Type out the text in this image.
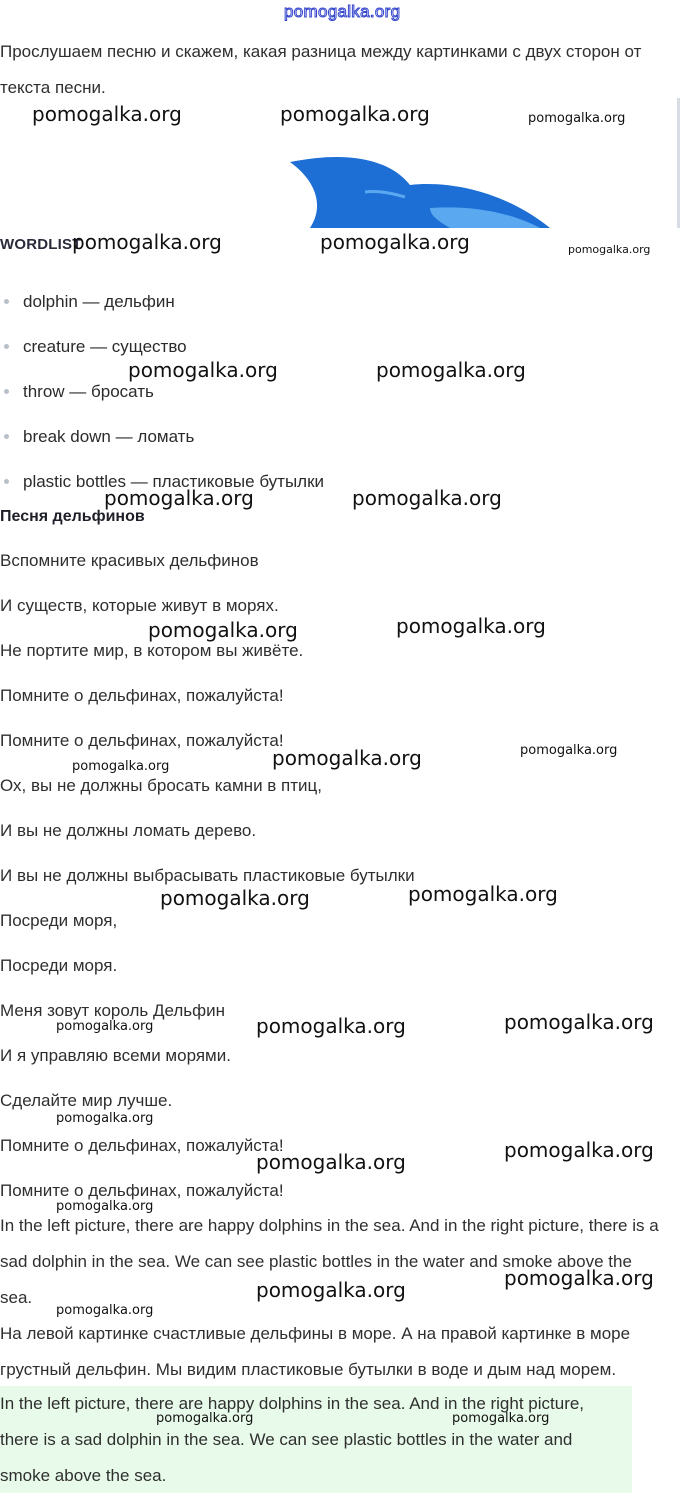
pomogalka.org
Прослушаем песню и скажем, какая разница между картинками с двух сторон от текста песни.
WORDLIST
dolphin — дельфин
creature — существо
throw — бросать
break down — ломать
plastic bottles — пластиковые бутылки
Песня дельфинов
Вспомните красивых дельфинов
И существ, которые живут в морях.
Не портите мир, в котором вы живёте.
Помните о дельфинах, пожалуйста!
Помните о дельфинах, пожалуйста!
Ох, вы не должны бросать камни в птиц,
И вы не должны ломать дерево.
И вы не должны выбрасывать пластиковые бутылки
Посреди моря,
Посреди моря.
Меня зовут король Дельфин
И я управляю всеми морями.
Сделайте мир лучше.
Помните о дельфинах, пожалуйста!
Помните о дельфинах, пожалуйста!
In the left picture, there are happy dolphins in the sea. And in the right picture, there is a sad dolphin in the sea. We can see plastic bottles in the water and smoke above the sea.
На левой картинке счастливые дельфины в море. А на правой картинке в море грустный дельфин. Мы видим пластиковые бутылки в воде и дым над морем.
In the left picture, there are happy dolphins in the sea. And in the right picture, there is a sad dolphin in the sea. We can see plastic bottles in the water and smoke above the sea.
pomogalka.org	pomogalka.org	pomogalka.org
pomogalka.org	pomogalka.org	pomogalka.org
pomogalka.org	pomogalka.org
pomogalka.org	pomogalka.org
pomogalka.org	pomogalka.org
pomogalka.org
pomogalka.org
pomogalka.org
pomogalka.org	pomogalka.org
pomogalka.org	pomogalka.org	pomogalka.org
pomogalka.org
pomogalka.org
pomogalka.org
pomogalka.org
pomogalka.org
pomogalka.org
pomogalka.org
pomogalka.org	pomogalka.org
